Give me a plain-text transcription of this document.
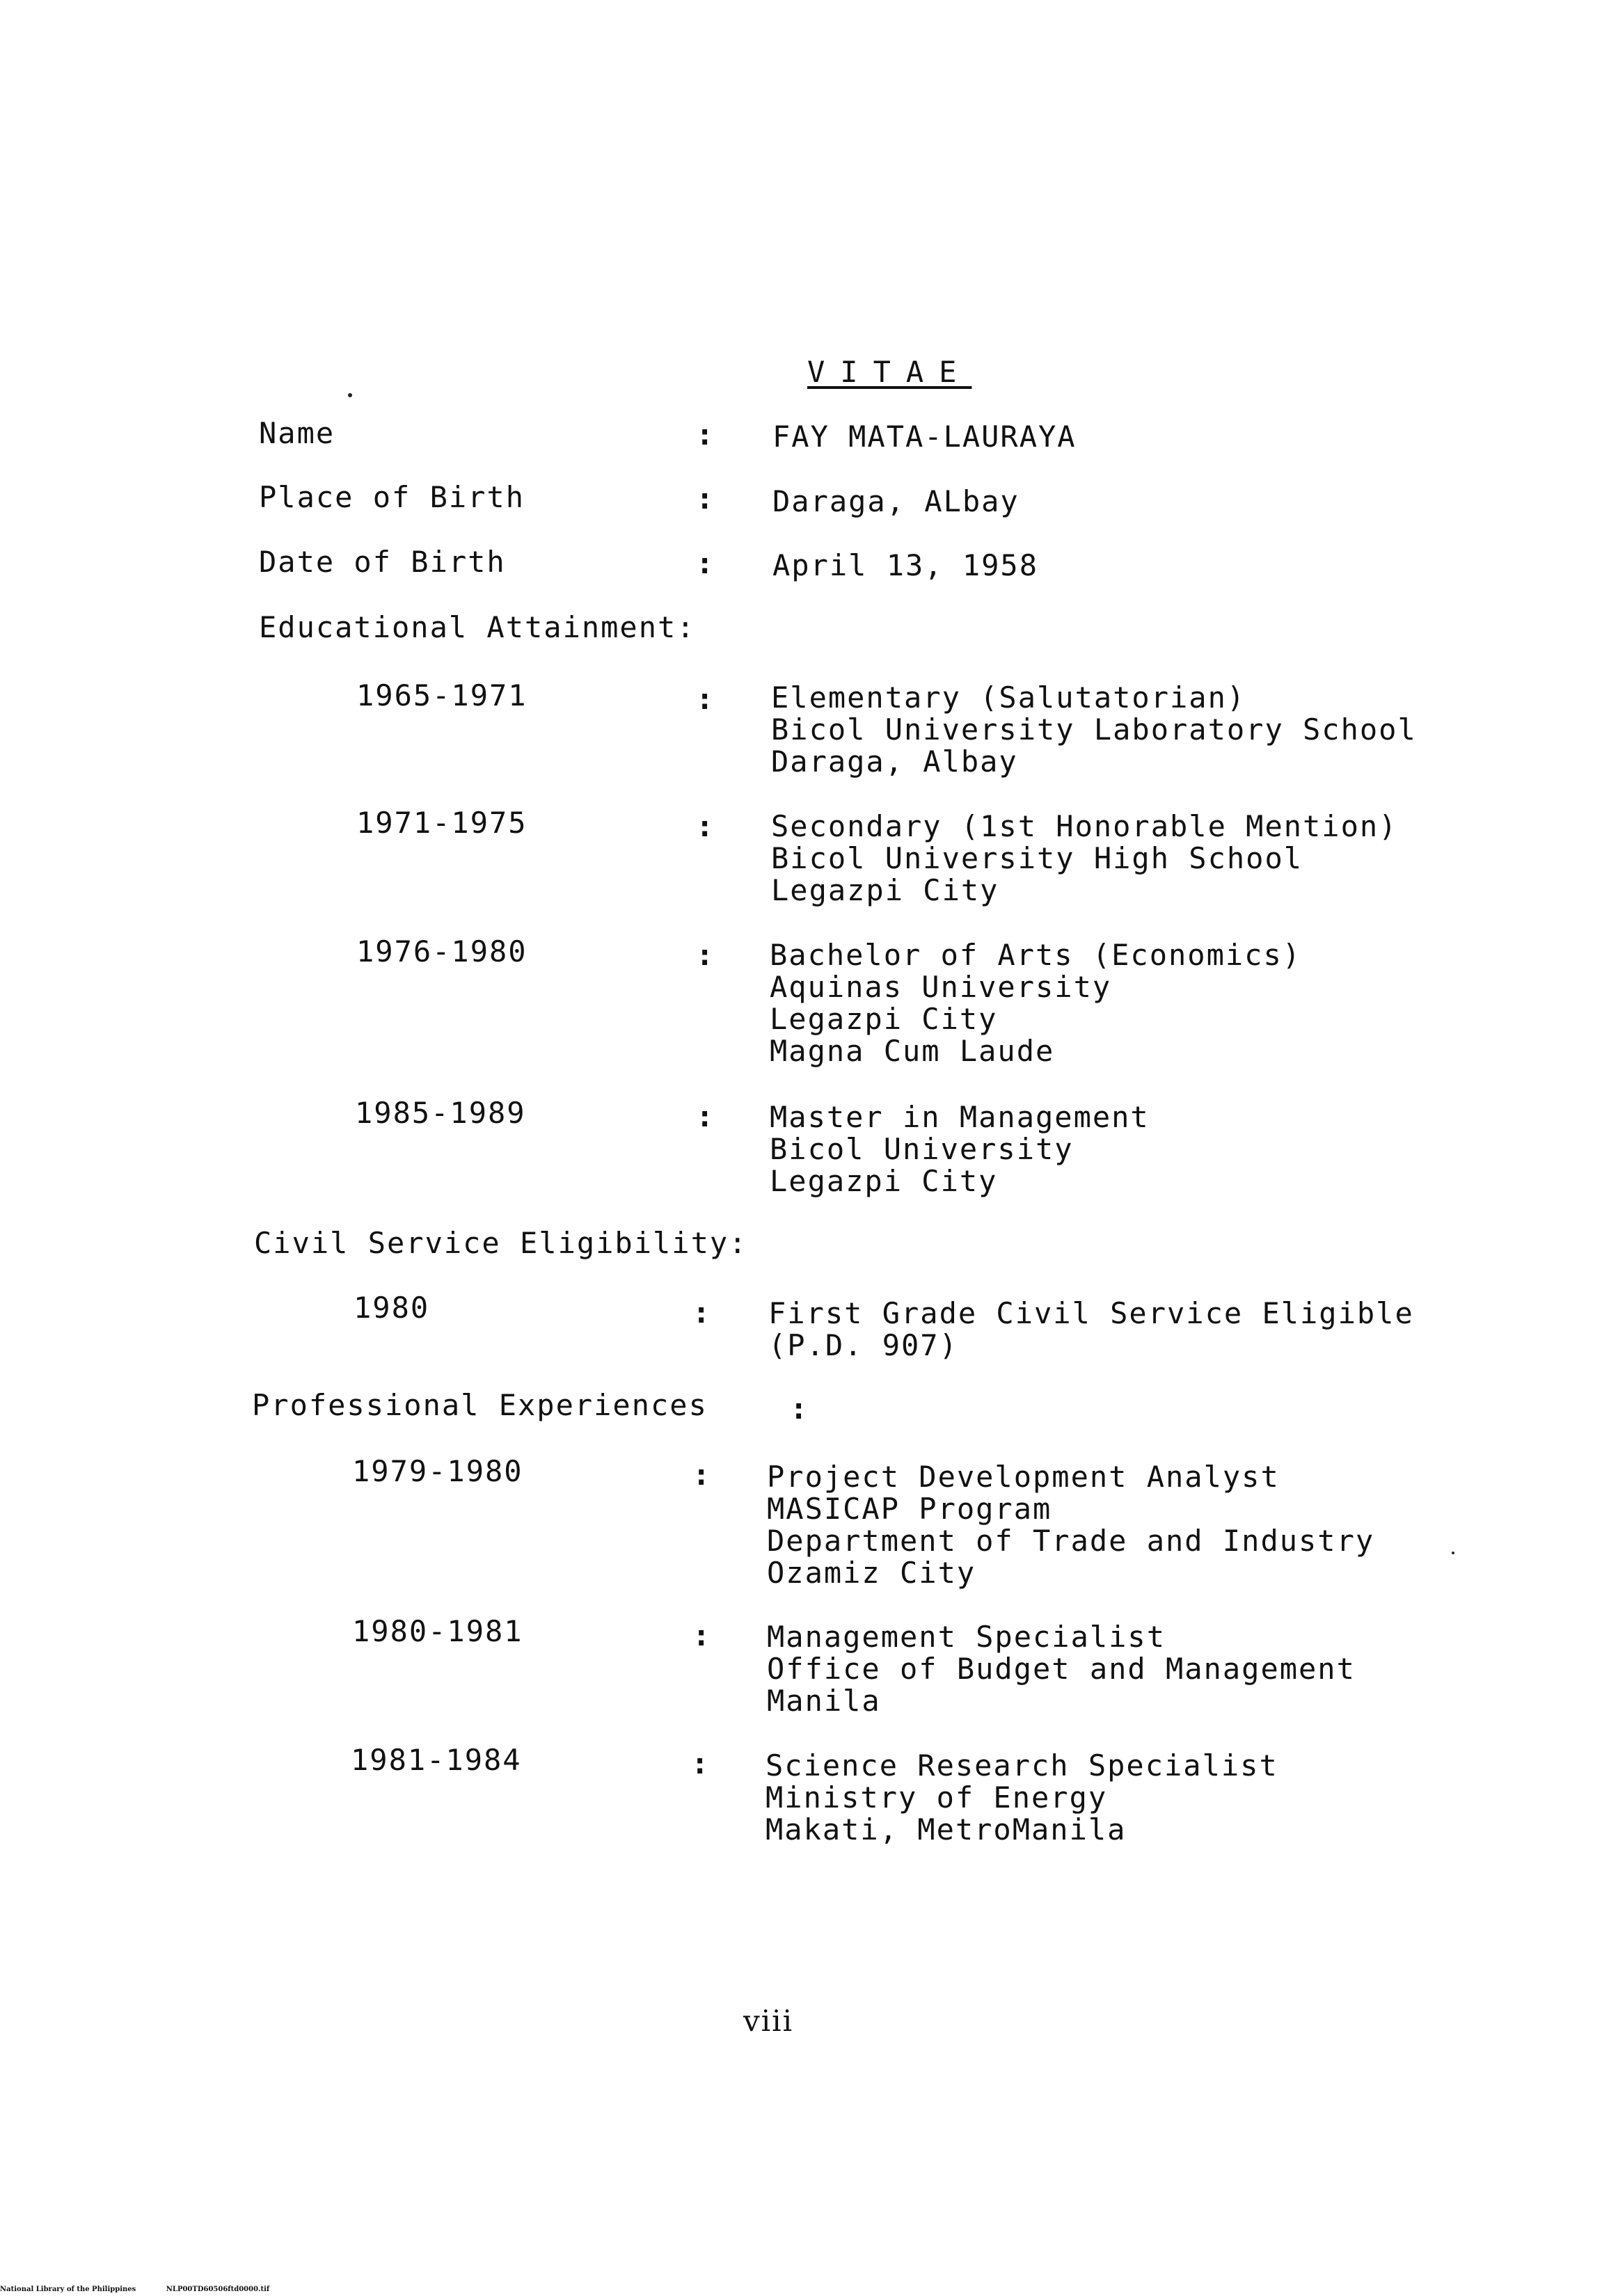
VITAE
Name	: FAY MATA-LAURAYA
Place of Birth	: Daraga, ALbay
Date of Birth	: April 13, 1958
Educational Attainment:
1965-1971	: Elementary (Salutatorian)
Bicol University Laboratory School
Daraga, Albay
1971-1975	: Secondary (1st Honorable Mention)
Bicol University High School
Legazpi City
1976-1980	: Bachelor of Arts (Economics)
Aquinas University
Legazpi City
Magna Cum Laude
1985-1989	: Master in Management
Bicol University
Legazpi City
Civil Service Eligibility:
1980	: First Grade Civil Service Eligible
(P.D. 907)
Professional Experiences	:
1979-1980	: Project Development Analyst
MASICAP Program
Department of Trade and Industry
Ozamiz City
1980-1981	: Management Specialist
Office of Budget and Management
Manila
1981-1984	: Science Research Specialist
Ministry of Energy
Makati, MetroManila
viii
National Library of the Philippines	NLP00TD60506ftd0000.tif
